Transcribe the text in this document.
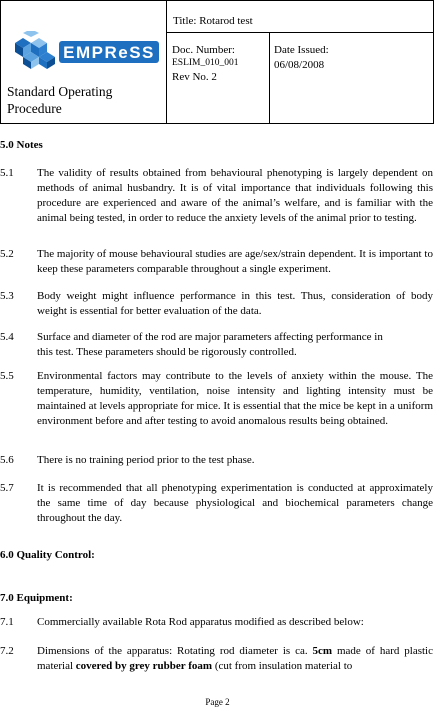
EMPReSS
Standard Operating Procedure
Title: Rotarod test
Doc. Number:
ESLIM_010_001
Rev No. 2
Date Issued:
06/08/2008
5.0 Notes
5.1 The validity of results obtained from behavioural phenotyping is largely dependent on methods of animal husbandry. It is of vital importance that individuals following this procedure are experienced and aware of the animal’s welfare, and is familiar with the animal being tested, in order to reduce the anxiety levels of the animal prior to testing.
5.2 The majority of mouse behavioural studies are age/sex/strain dependent. It is important to keep these parameters comparable throughout a single experiment.
5.3 Body weight might influence performance in this test. Thus, consideration of body weight is essential for better evaluation of the data.
5.4 Surface and diameter of the rod are major parameters affecting performance in this test. These parameters should be rigorously controlled.
5.5 Environmental factors may contribute to the levels of anxiety within the mouse. The temperature, humidity, ventilation, noise intensity and lighting intensity must be maintained at levels appropriate for mice. It is essential that the mice be kept in a uniform environment before and after testing to avoid anomalous results being obtained.
5.6 There is no training period prior to the test phase.
5.7 It is recommended that all phenotyping experimentation is conducted at approximately the same time of day because physiological and biochemical parameters change throughout the day.
6.0 Quality Control:
7.0 Equipment:
7.1 Commercially available Rota Rod apparatus modified as described below:
7.2 Dimensions of the apparatus: Rotating rod diameter is ca. 5cm made of hard plastic material covered by grey rubber foam (cut from insulation material to
Page 2
